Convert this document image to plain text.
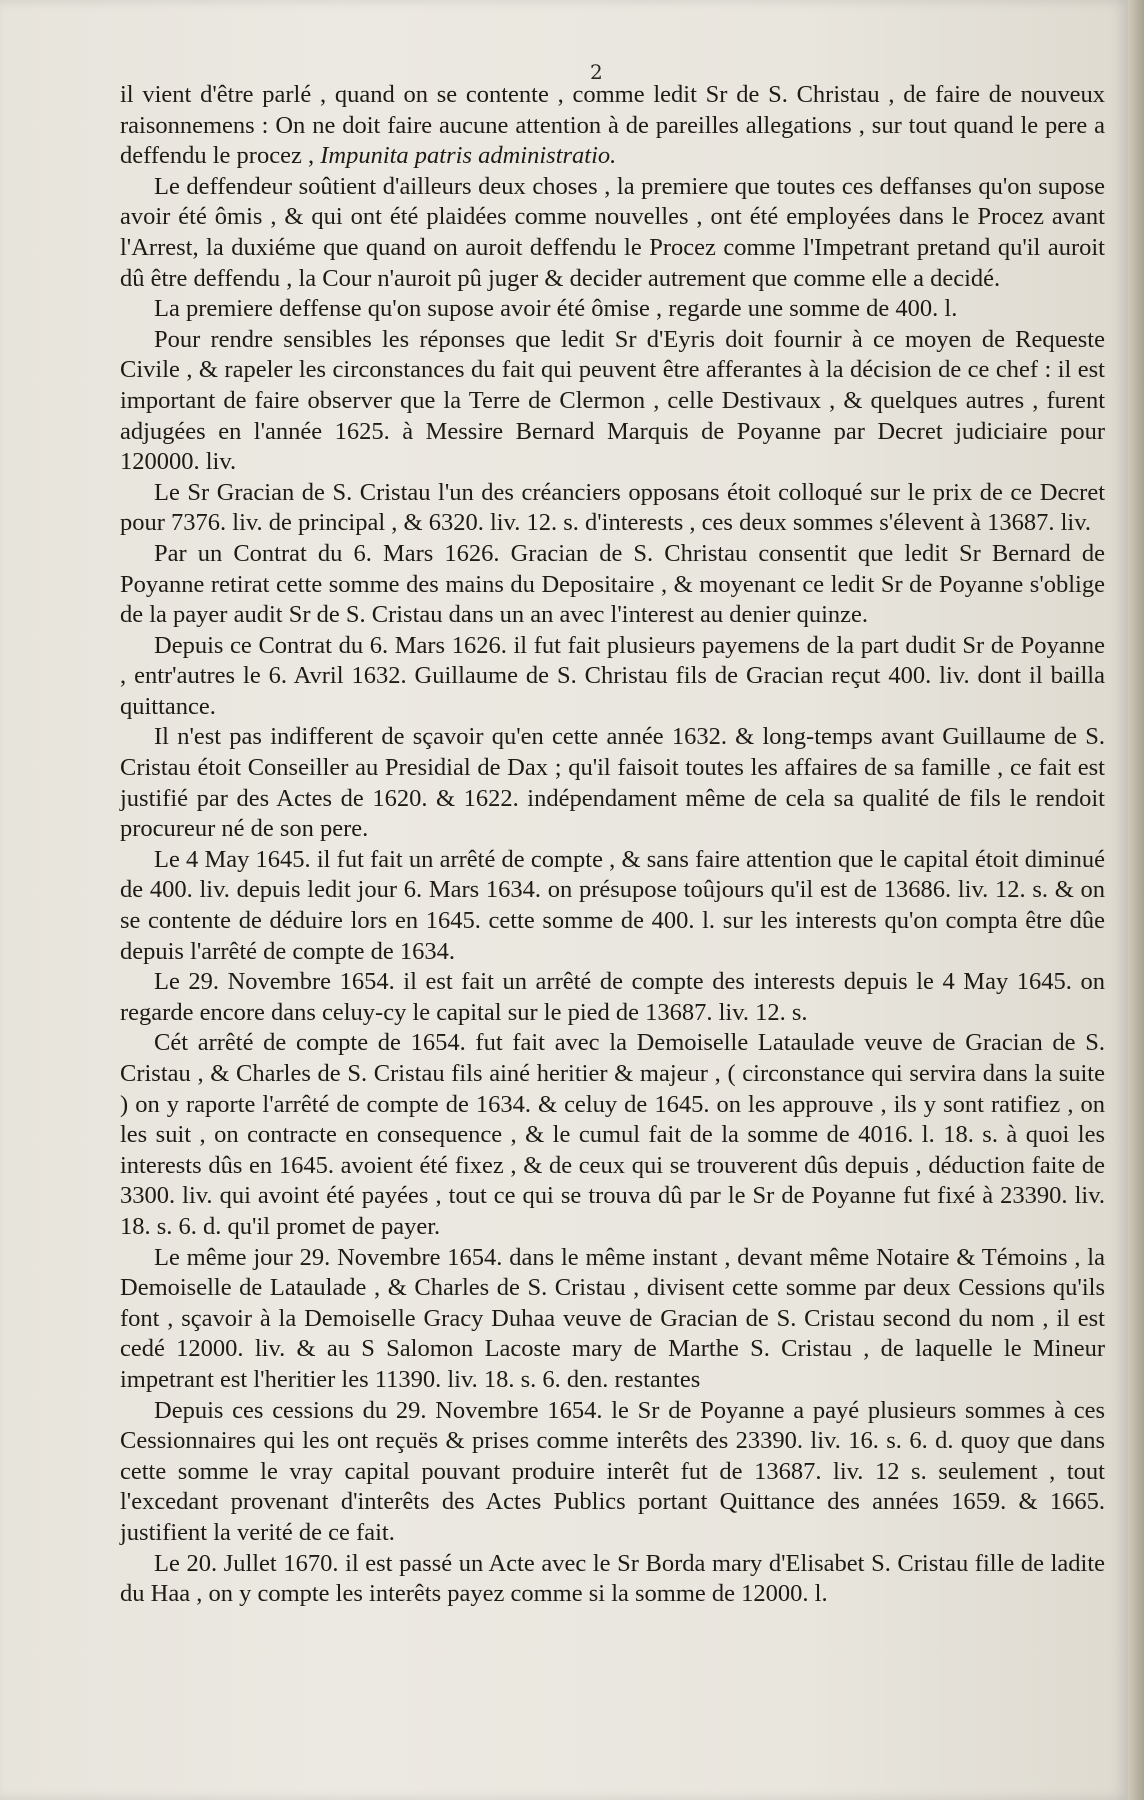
2

il vient d'être parlé , quand on se contente , comme ledit Sr de S. Christau , de faire de nouveux raisonnemens : On ne doit faire aucune attention à de pareilles allegations , sur tout quand le pere a deffendu le procez , Impunita patris administratio.

Le deffendeur soûtient d'ailleurs deux choses , la premiere que toutes ces deffanses qu'on supose avoir été ômis , & qui ont été plaidées comme nouvelles , ont été employées dans le Procez avant l'Arrest, la duxiéme que quand on auroit deffendu le Procez comme l'Impetrant pretand qu'il auroit dû être deffendu , la Cour n'auroit pû juger & decider autrement que comme elle a decidé.

La premiere deffense qu'on supose avoir été ômise , regarde une somme de 400. l.

Pour rendre sensibles les réponses que ledit Sr d'Eyris doit fournir à ce moyen de Requeste Civile , & rapeler les circonstances du fait qui peuvent être afferantes à la décision de ce chef : il est important de faire observer que la Terre de Clermon , celle Destivaux , & quelques autres , furent adjugées en l'année 1625. à Messire Bernard Marquis de Poyanne par Decret judiciaire pour 120000. liv.

Le Sr Gracian de S. Cristau l'un des créanciers opposans étoit colloqué sur le prix de ce Decret pour 7376. liv. de principal , & 6320. liv. 12. s. d'interests , ces deux sommes s'élevent à 13687. liv.

Par un Contrat du 6. Mars 1626. Gracian de S. Christau consentit que ledit Sr Bernard de Poyanne retirat cette somme des mains du Depositaire , & moyenant ce ledit Sr de Poyanne s'oblige de la payer audit Sr de S. Cristau dans un an avec l'interest au denier quinze.

Depuis ce Contrat du 6. Mars 1626. il fut fait plusieurs payemens de la part dudit Sr de Poyanne , entr'autres le 6. Avril 1632. Guillaume de S. Christau fils de Gracian reçut 400. liv. dont il bailla quittance.

Il n'est pas indifferent de sçavoir qu'en cette année 1632. & long-temps avant Guillaume de S. Cristau étoit Conseiller au Presidial de Dax ; qu'il faisoit toutes les affaires de sa famille , ce fait est justifié par des Actes de 1620. & 1622. indépendament même de cela sa qualité de fils le rendoit procureur né de son pere.

Le 4 May 1645. il fut fait un arrêté de compte , & sans faire attention que le capital étoit diminué de 400. liv. depuis ledit jour 6. Mars 1634. on présupose toûjours qu'il est de 13686. liv. 12. s. & on se contente de déduire lors en 1645. cette somme de 400. l. sur les interests qu'on compta être dûe depuis l'arrêté de compte de 1634.

Le 29. Novembre 1654. il est fait un arrêté de compte des interests depuis le 4 May 1645. on regarde encore dans celuy-cy le capital sur le pied de 13687. liv. 12. s.

Cét arrêté de compte de 1654. fut fait avec la Demoiselle Lataulade veuve de Gracian de S. Cristau , & Charles de S. Cristau fils ainé heritier & majeur , ( circonstance qui servira dans la suite ) on y raporte l'arrêté de compte de 1634. & celuy de 1645. on les approuve , ils y sont ratifiez , on les suit , on contracte en consequence , & le cumul fait de la somme de 4016. l. 18. s. à quoi les interests dûs en 1645. avoient été fixez , & de ceux qui se trouverent dûs depuis , déduction faite de 3300. liv. qui avoint été payées , tout ce qui se trouva dû par le Sr de Poyanne fut fixé à 23390. liv. 18. s. 6. d. qu'il promet de payer.

Le même jour 29. Novembre 1654. dans le même instant , devant même Notaire & Témoins , la Demoiselle de Lataulade , & Charles de S. Cristau , divisent cette somme par deux Cessions qu'ils font , sçavoir à la Demoiselle Gracy Duhaa veuve de Gracian de S. Cristau second du nom , il est cedé 12000. liv. & au S Salomon Lacoste mary de Marthe S. Cristau , de laquelle le Mineur impetrant est l'heritier les 11390. liv. 18. s. 6. den. restantes

Depuis ces cessions du 29. Novembre 1654. le Sr de Poyanne a payé plusieurs sommes à ces Cessionnaires qui les ont reçuës & prises comme interêts des 23390. liv. 16. s. 6. d. quoy que dans cette somme le vray capital pouvant produire interêt fut de 13687. liv. 12 s. seulement , tout l'excedant provenant d'interêts des Actes Publics portant Quittance des années 1659. & 1665. justifient la verité de ce fait.

Le 20. Jullet 1670. il est passé un Acte avec le Sr Borda mary d'Elisabet S. Cristau fille de ladite du Haa , on y compte les interêts payez comme si la somme de 12000. l.
